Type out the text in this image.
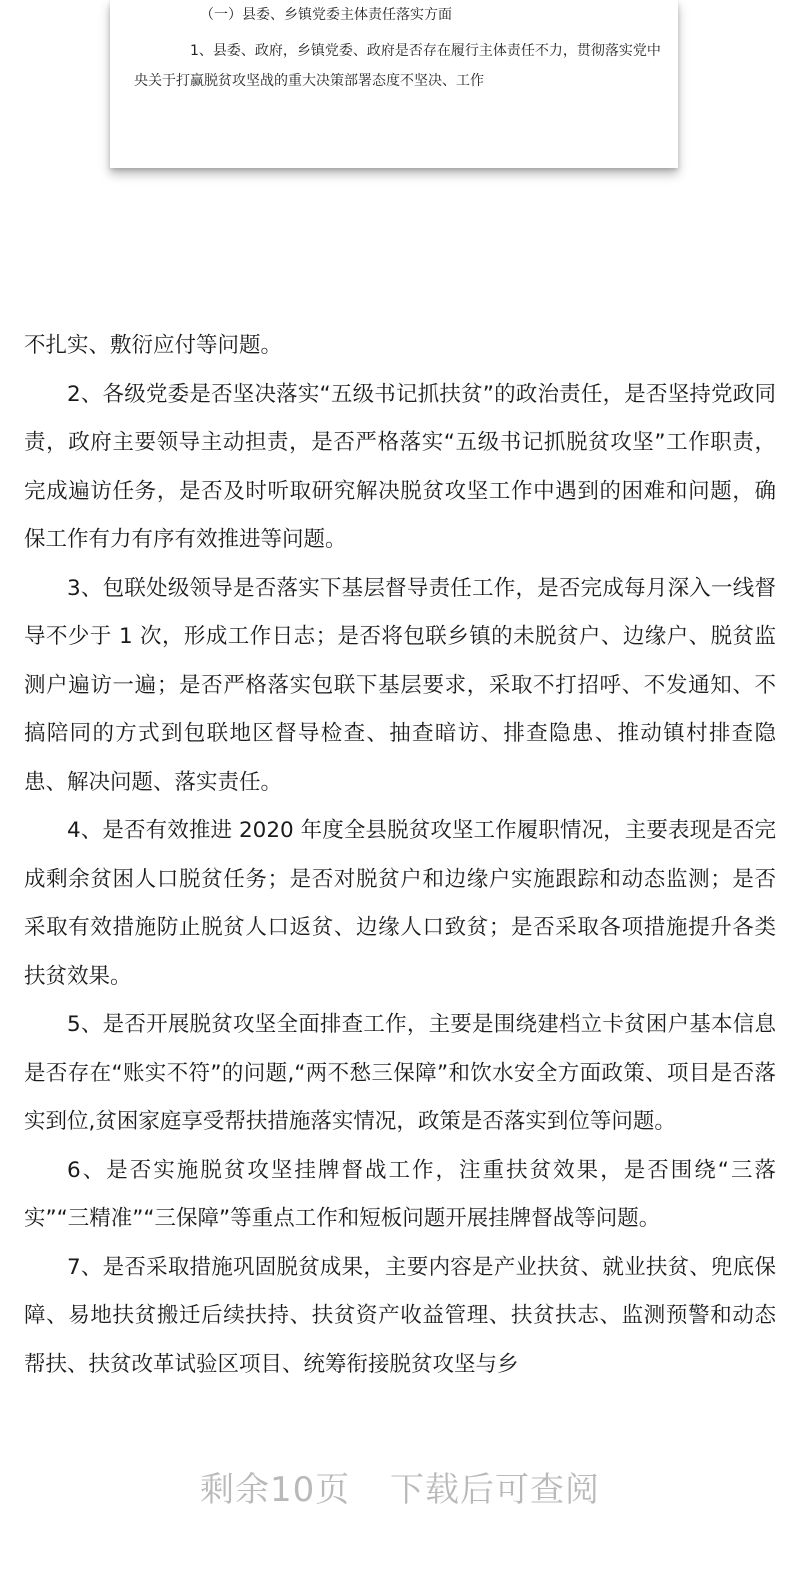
（一）县委、乡镇党委主体责任落实方面
1、县委、政府，乡镇党委、政府是否存在履行主体责任不力，贯彻落实党中央关于打赢脱贫攻坚战的重大决策部署态度不坚决、工作

不扎实、敷衍应付等问题。

2、各级党委是否坚决落实“五级书记抓扶贫”的政治责任，是否坚持党政同责，政府主要领导主动担责，是否严格落实“五级书记抓脱贫攻坚”工作职责，完成遍访任务，是否及时听取研究解决脱贫攻坚工作中遇到的困难和问题，确保工作有力有序有效推进等问题。

3、包联处级领导是否落实下基层督导责任工作，是否完成每月深入一线督导不少于 1 次，形成工作日志；是否将包联乡镇的未脱贫户、边缘户、脱贫监测户遍访一遍；是否严格落实包联下基层要求，采取不打招呼、不发通知、不搞陪同的方式到包联地区督导检查、抽查暗访、排查隐患、推动镇村排查隐患、解决问题、落实责任。

4、是否有效推进 2020 年度全县脱贫攻坚工作履职情况，主要表现是否完成剩余贫困人口脱贫任务；是否对脱贫户和边缘户实施跟踪和动态监测；是否采取有效措施防止脱贫人口返贫、边缘人口致贫；是否采取各项措施提升各类扶贫效果。

5、是否开展脱贫攻坚全面排查工作，主要是围绕建档立卡贫困户基本信息是否存在“账实不符”的问题,“两不愁三保障”和饮水安全方面政策、项目是否落实到位,贫困家庭享受帮扶措施落实情况，政策是否落实到位等问题。

6、是否实施脱贫攻坚挂牌督战工作，注重扶贫效果，是否围绕“三落实”“三精准”“三保障”等重点工作和短板问题开展挂牌督战等问题。

7、是否采取措施巩固脱贫成果，主要内容是产业扶贫、就业扶贫、兜底保障、易地扶贫搬迁后续扶持、扶贫资产收益管理、扶贫扶志、监测预警和动态帮扶、扶贫改革试验区项目、统筹衔接脱贫攻坚与乡

剩余10页 下载后可查阅
